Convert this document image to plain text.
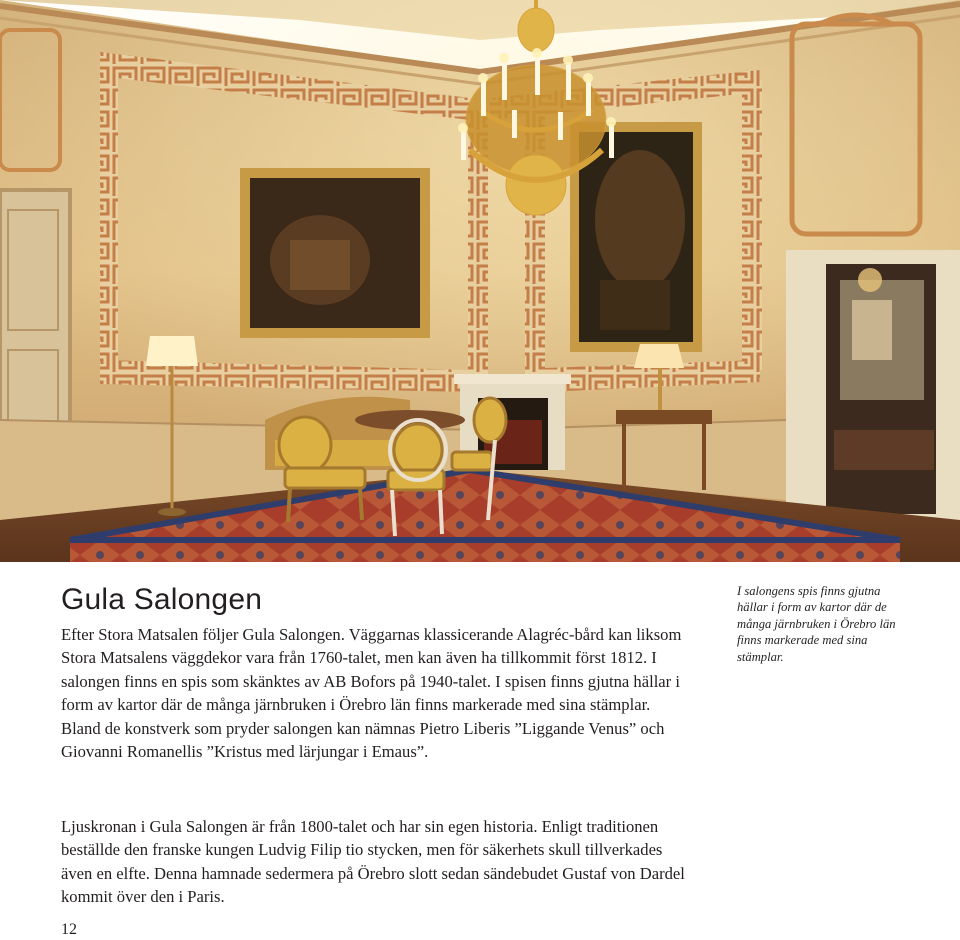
Gula Salongen

Efter Stora Matsalen följer Gula Salongen. Väggarnas klassicerande Alagréc-bård kan liksom Stora Matsalens väggdekor vara från 1760-talet, men kan även ha tillkommit först 1812. I salongen finns en spis som skänktes av AB Bofors på 1940-talet. I spisen finns gjutna hällar i form av kartor där de många järnbruken i Örebro län finns markerade med sina stämplar. Bland de konstverk som pryder salongen kan nämnas Pietro Liberis ”Liggande Venus” och Giovanni Romanellis ”Kristus med lärjungar i Emaus”.

I salongens spis finns gjutna hällar i form av kartor där de många järnbruken i Örebro län finns markerade med sina stämplar.

Ljuskronan i Gula Salongen är från 1800-talet och har sin egen historia. Enligt traditionen beställde den franske kungen Ludvig Filip tio stycken, men för säkerhets skull tillverkades även en elfte. Denna hamnade sedermera på Örebro slott sedan sändebudet Gustaf von Dardel kommit över den i Paris.

12
